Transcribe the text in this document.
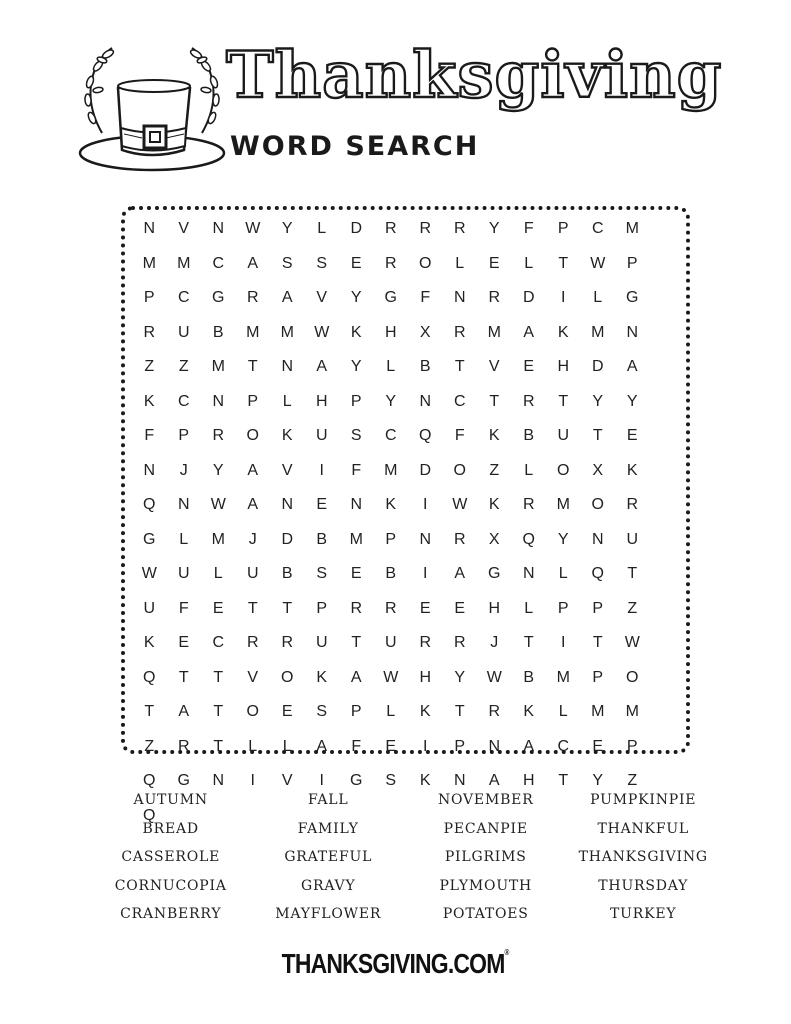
Thanksgiving
WORD SEARCH
N	V	N	W	Y	L	D	R	R	R	Y	F	P	C	M
M	M	C	A	S	S	E	R	O	L	E	L	T	W	P
P	C	G	R	A	V	Y	G	F	N	R	D	I	L	G
R	U	B	M	M	W	K	H	X	R	M	A	K	M	N
Z	Z	M	T	N	A	Y	L	B	T	V	E	H	D	A
K	C	N	P	L	H	P	Y	N	C	T	R	T	Y	Y
F	P	R	O	K	U	S	C	Q	F	K	B	U	T	E
N	J	Y	A	V	I	F	M	D	O	Z	L	O	X	K
Q	N	W	A	N	E	N	K	I	W	K	R	M	O	R
G	L	M	J	D	B	M	P	N	R	X	Q	Y	N	U
W	U	L	U	B	S	E	B	I	A	G	N	L	Q	T
U	F	E	T	T	P	R	R	E	E	H	L	P	P	Z
K	E	C	R	R	U	T	U	R	R	J	T	I	T	W
Q	T	T	V	O	K	A	W	H	Y	W	B	M	P	O
T	A	T	O	E	S	P	L	K	T	R	K	L	M	M
Z	R	T	L	L	A	F	E	I	P	N	A	C	E	P
Q	G	N	I	V	I	G	S	K	N	A	H	T	Y	Z
Q
AUTUMN	FALL	NOVEMBER	PUMPKINPIE
BREAD	FAMILY	PECANPIE	THANKFUL
CASSEROLE	GRATEFUL	PILGRIMS	THANKSGIVING
CORNUCOPIA	GRAVY	PLYMOUTH	THURSDAY
CRANBERRY	MAYFLOWER	POTATOES	TURKEY

THANKSGIVING.COM®
